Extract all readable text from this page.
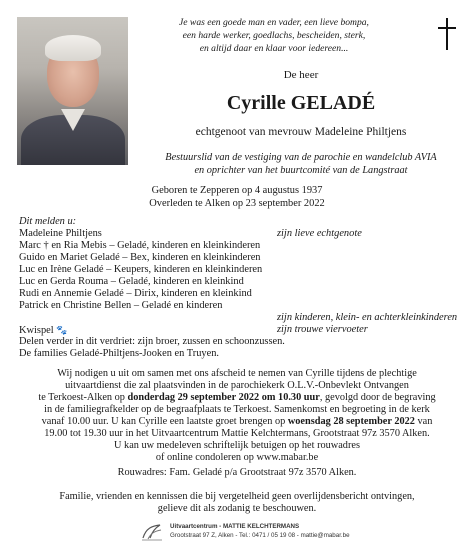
Je was een goede man en vader, een lieve bompa,
een harde werker, goedlachs, bescheiden, sterk,
en altijd daar en klaar voor iedereen...
De heer
Cyrille GELADÉ
echtgenoot van mevrouw Madeleine Philtjens
Bestuurslid van de vestiging van de parochie en wandelclub AVIA
en oprichter van het buurtcomité van de Langstraat
Geboren te Zepperen op 4 augustus 1937
Overleden te Alken op 23 september 2022
Dit melden u:
Madeleine Philtjens	zijn lieve echtgenote
Marc † en Ria Mebis – Geladé, kinderen en kleinkinderen
Guido en Mariet Geladé – Bex, kinderen en kleinkinderen
Luc en Irène Geladé – Keupers, kinderen en kleinkinderen
Luc en Gerda Rouma – Geladé, kinderen en kleinkind
Rudi en Annemie Geladé – Dirix, kinderen en kleinkind
Patrick en Christine Bellen – Geladé en kinderen
zijn kinderen, klein- en achterkleinkinderen
Kwispel 🐾	zijn trouwe viervoeter
Delen verder in dit verdriet: zijn broer, zussen en schoonzussen.
De families Geladé-Philtjens-Jooken en Truyen.
Wij nodigen u uit om samen met ons afscheid te nemen van Cyrille tijdens de plechtige
uitvaartdienst die zal plaatsvinden in de parochiekerk O.L.V.-Onbevlekt Ontvangen
te Terkoest-Alken op donderdag 29 september 2022 om 10.30 uur, gevolgd door de begraving
in de familiegrafkelder op de begraafplaats te Terkoest. Samenkomst en begroeting in de kerk
vanaf 10.00 uur. U kan Cyrille een laatste groet brengen op woensdag 28 september 2022 van
19.00 tot 19.30 uur in het Uitvaartcentrum Mattie Kelchtermans, Grootstraat 97z 3570 Alken.
U kan uw medeleven schriftelijk betuigen op het rouwadres
of online condoleren op www.mabar.be
Rouwadres: Fam. Geladé p/a Grootstraat 97z 3570 Alken.
Familie, vrienden en kennissen die bij vergetelheid geen overlijdensbericht ontvingen,
gelieve dit als zodanig te beschouwen.
Uitvaartcentrum - MATTIE KELCHTERMANS
Grootstraat 97 Z, Alken - Tel.: 0471 / 05 19 08 - mattie@mabar.be
